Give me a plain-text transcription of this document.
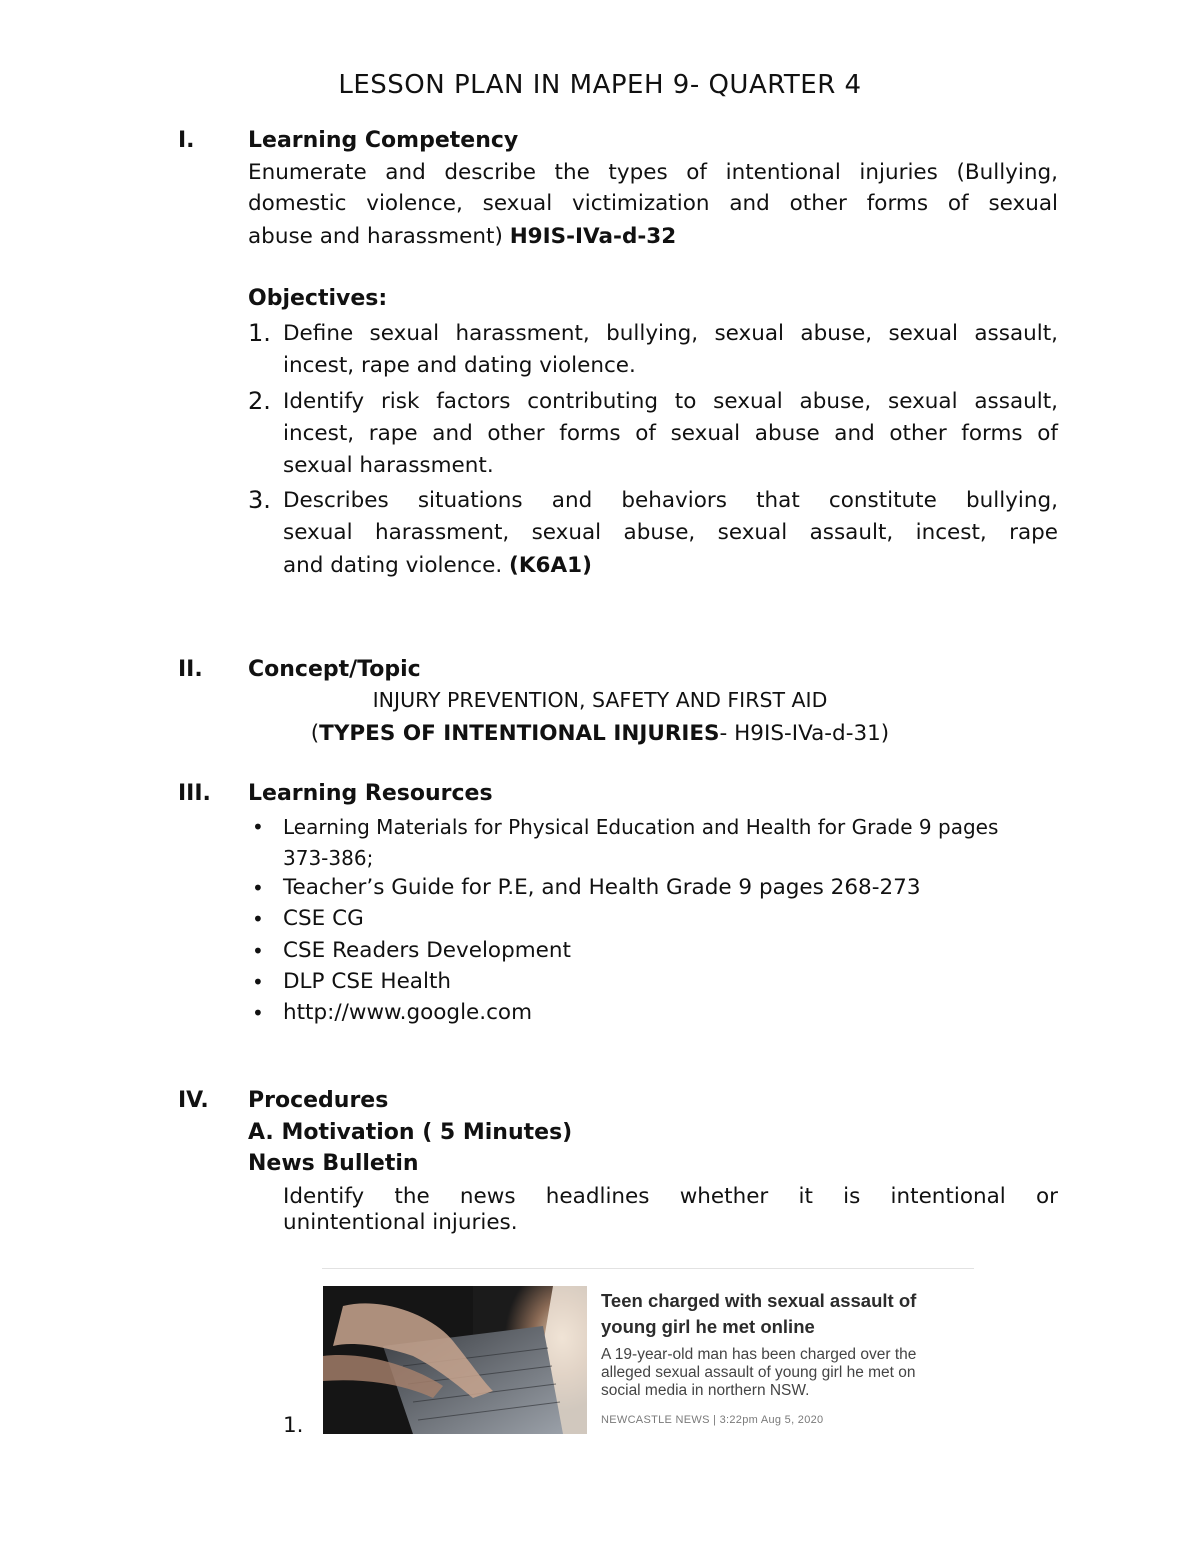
LESSON PLAN IN MAPEH 9- QUARTER 4
I. Learning Competency
Enumerate and describe the types of intentional injuries (Bullying,
domestic violence, sexual victimization and other forms of sexual
abuse and harassment) H9IS-IVa-d-32
Objectives:
1. Define sexual harassment, bullying, sexual abuse, sexual assault,
incest, rape and dating violence.
2. Identify risk factors contributing to sexual abuse, sexual assault,
incest, rape and other forms of sexual abuse and other forms of
sexual harassment.
3. Describes situations and behaviors that constitute bullying,
sexual harassment, sexual abuse, sexual assault, incest, rape
and dating violence. (K6A1)
II. Concept/Topic
INJURY PREVENTION, SAFETY AND FIRST AID
(TYPES OF INTENTIONAL INJURIES- H9IS-IVa-d-31)
III. Learning Resources
• Learning Materials for Physical Education and Health for Grade 9 pages
373-386;
• Teacher’s Guide for P.E, and Health Grade 9 pages 268-273
• CSE CG
• CSE Readers Development
• DLP CSE Health
• http://www.google.com
IV. Procedures
A. Motivation ( 5 Minutes)
News Bulletin
Identify the news headlines whether it is intentional or
unintentional injuries.
Teen charged with sexual assault of
young girl he met online
A 19-year-old man has been charged over the
alleged sexual assault of young girl he met on
social media in northern NSW.
NEWCASTLE NEWS | 3:22pm Aug 5, 2020
1.
